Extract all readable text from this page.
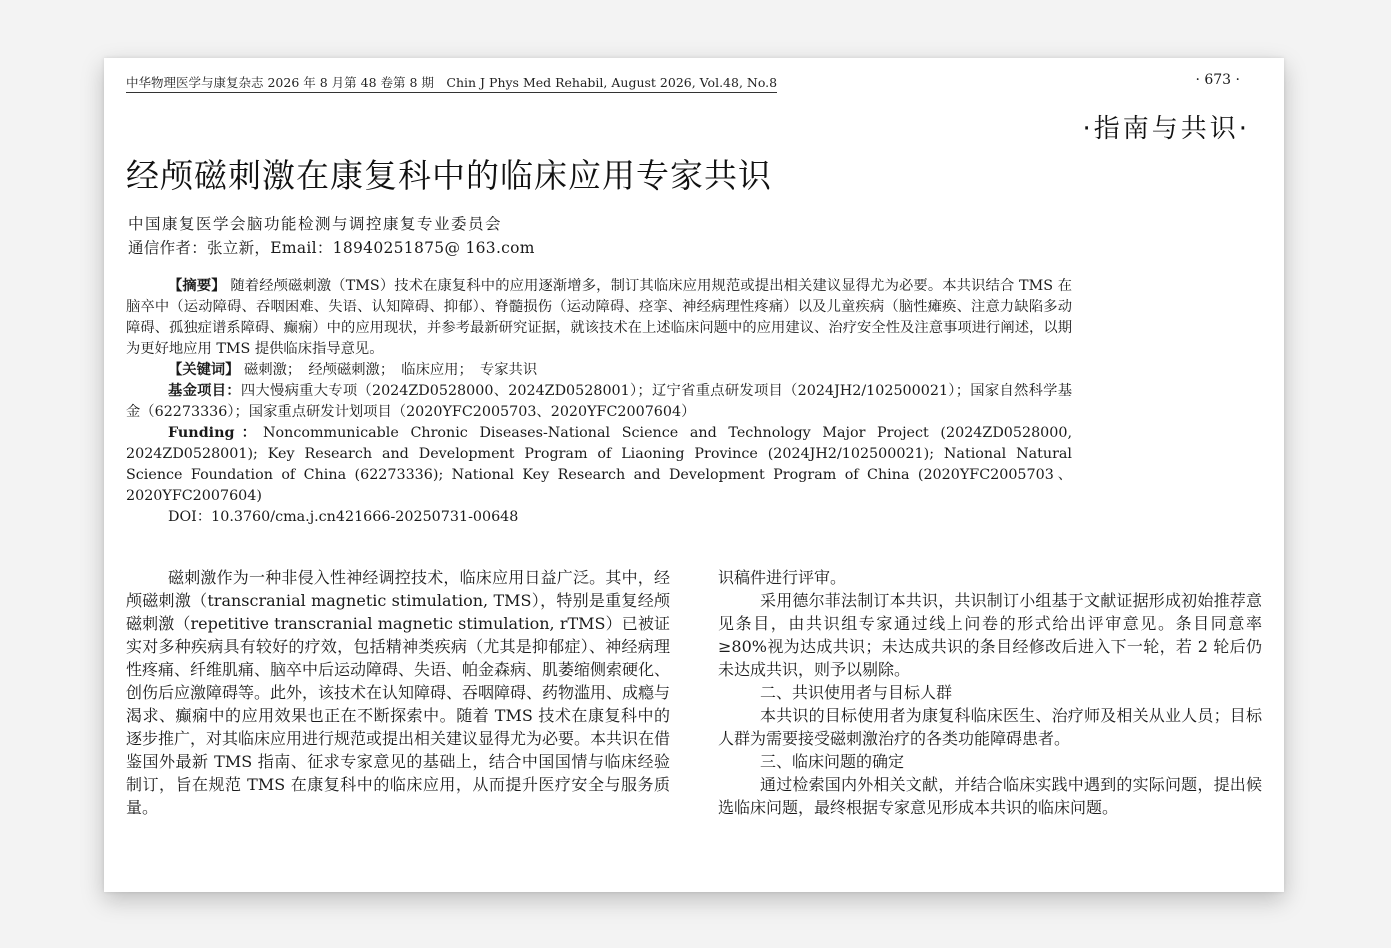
中华物理医学与康复杂志 2026 年 8 月第 48 卷第 8 期　Chin J Phys Med Rehabil, August 2026, Vol.48, No.8	· 673 ·
·指南与共识·
经颅磁刺激在康复科中的临床应用专家共识
中国康复医学会脑功能检测与调控康复专业委员会
通信作者：张立新，Email：18940251875@ 163.com

【摘要】 随着经颅磁刺激（TMS）技术在康复科中的应用逐渐增多，制订其临床应用规范或提出相关建议显得尤为必要。本共识结合 TMS 在脑卒中（运动障碍、吞咽困难、失语、认知障碍、抑郁）、脊髓损伤（运动障碍、痉挛、神经病理性疼痛）以及儿童疾病（脑性瘫痪、注意力缺陷多动障碍、孤独症谱系障碍、癫痫）中的应用现状，并参考最新研究证据，就该技术在上述临床问题中的应用建议、治疗安全性及注意事项进行阐述，以期为更好地应用 TMS 提供临床指导意见。

【关键词】 磁刺激；　经颅磁刺激；　临床应用；　专家共识

基金项目：四大慢病重大专项（2024ZD0528000、2024ZD0528001）；辽宁省重点研发项目（2024JH2/102500021）；国家自然科学基金（62273336）；国家重点研发计划项目（2020YFC2005703、2020YFC2007604）

Funding：Noncommunicable Chronic Diseases-National Science and Technology Major Project (2024ZD0528000, 2024ZD0528001); Key Research and Development Program of Liaoning Province (2024JH2/102500021); National Natural Science Foundation of China (62273336); National Key Research and Development Program of China (2020YFC2005703、2020YFC2007604)

DOI：10.3760/cma.j.cn421666-20250731-00648

磁刺激作为一种非侵入性神经调控技术，临床应用日益广泛。其中，经颅磁刺激（transcranial magnetic stimulation, TMS），特别是重复经颅磁刺激（repetitive transcranial magnetic stimulation, rTMS）已被证实对多种疾病具有较好的疗效，包括精神类疾病（尤其是抑郁症）、神经病理性疼痛、纤维肌痛、脑卒中后运动障碍、失语、帕金森病、肌萎缩侧索硬化、创伤后应激障碍等。此外，该技术在认知障碍、吞咽障碍、药物滥用、成瘾与渴求、癫痫中的应用效果也正在不断探索中。随着 TMS 技术在康复科中的逐步推广，对其临床应用进行规范或提出相关建议显得尤为必要。本共识在借鉴国外最新 TMS 指南、征求专家意见的基础上，结合中国国情与临床经验制订，旨在规范 TMS 在康复科中的临床应用，从而提升医疗安全与服务质量。

识稿件进行评审。

采用德尔菲法制订本共识，共识制订小组基于文献证据形成初始推荐意见条目，由共识组专家通过线上问卷的形式给出评审意见。条目同意率≥80%视为达成共识；未达成共识的条目经修改后进入下一轮，若 2 轮后仍未达成共识，则予以剔除。

二、共识使用者与目标人群

本共识的目标使用者为康复科临床医生、治疗师及相关从业人员；目标人群为需要接受磁刺激治疗的各类功能障碍患者。

三、临床问题的确定

通过检索国内外相关文献，并结合临床实践中遇到的实际问题，提出候选临床问题，最终根据专家意见形成本共识的临床问题。
